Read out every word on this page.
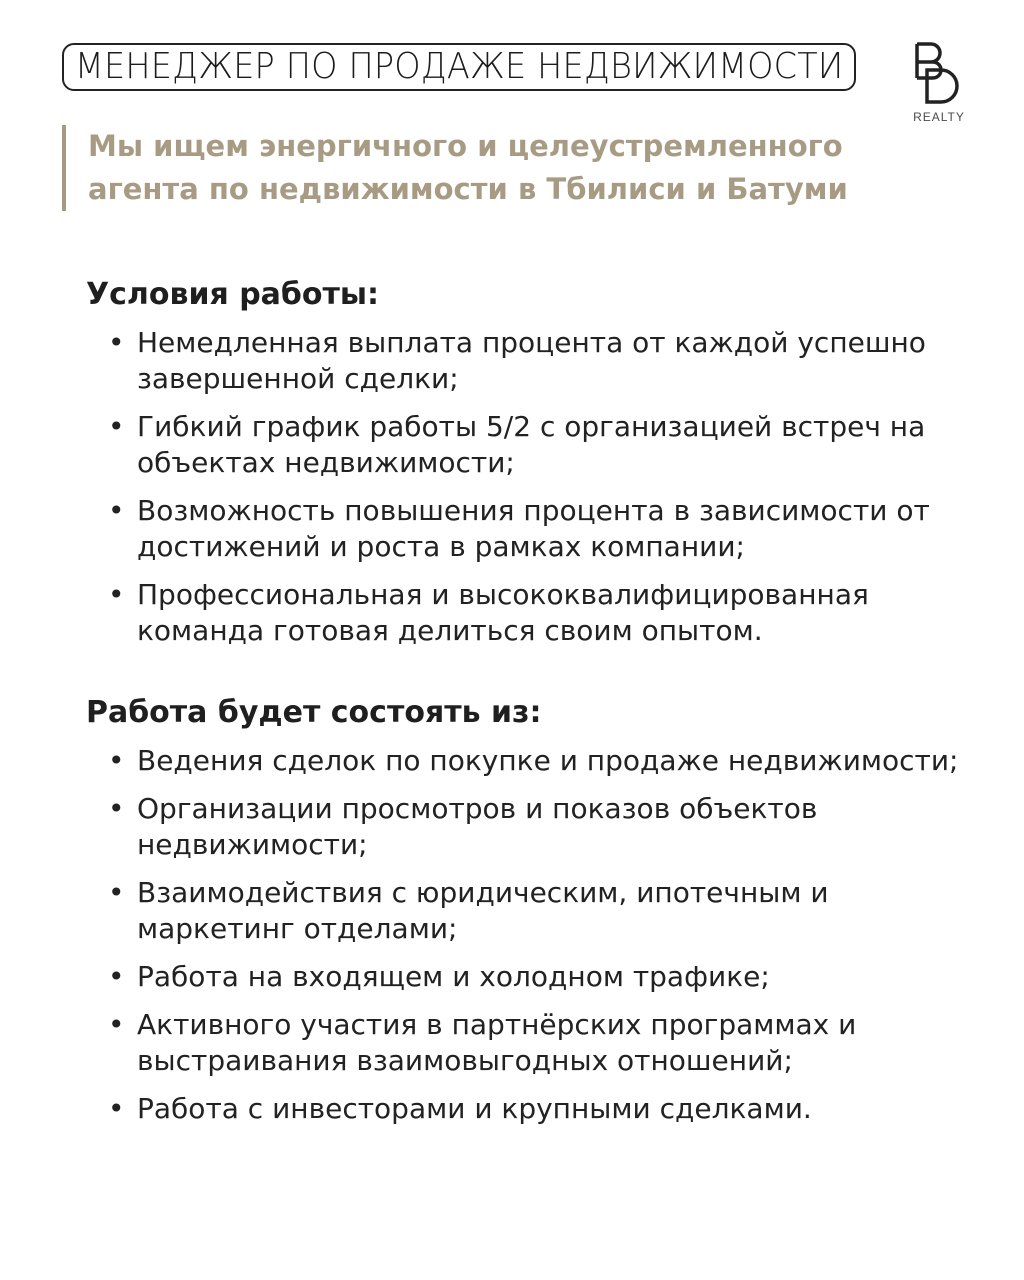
МЕНЕДЖЕР ПО ПРОДАЖЕ НЕДВИЖИМОСТИ
REALTY

Мы ищем энергичного и целеустремленного агента по недвижимости в Тбилиси и Батуми

Условия работы:
• Немедленная выплата процента от каждой успешно завершенной сделки;
• Гибкий график работы 5/2 с организацией встреч на объектах недвижимости;
• Возможность повышения процента в зависимости от достижений и роста в рамках компании;
• Профессиональная и высококвалифицированная команда готовая делиться своим опытом.
Работа будет состоять из:
• Ведения сделок по покупке и продаже недвижимости;
• Организации просмотров и показов объектов недвижимости;
• Взаимодействия с юридическим, ипотечным и маркетинг отделами;
• Работа на входящем и холодном трафике;
• Активного участия в партнёрских программах и выстраивания взаимовыгодных отношений;
• Работа с инвесторами и крупными сделками.
